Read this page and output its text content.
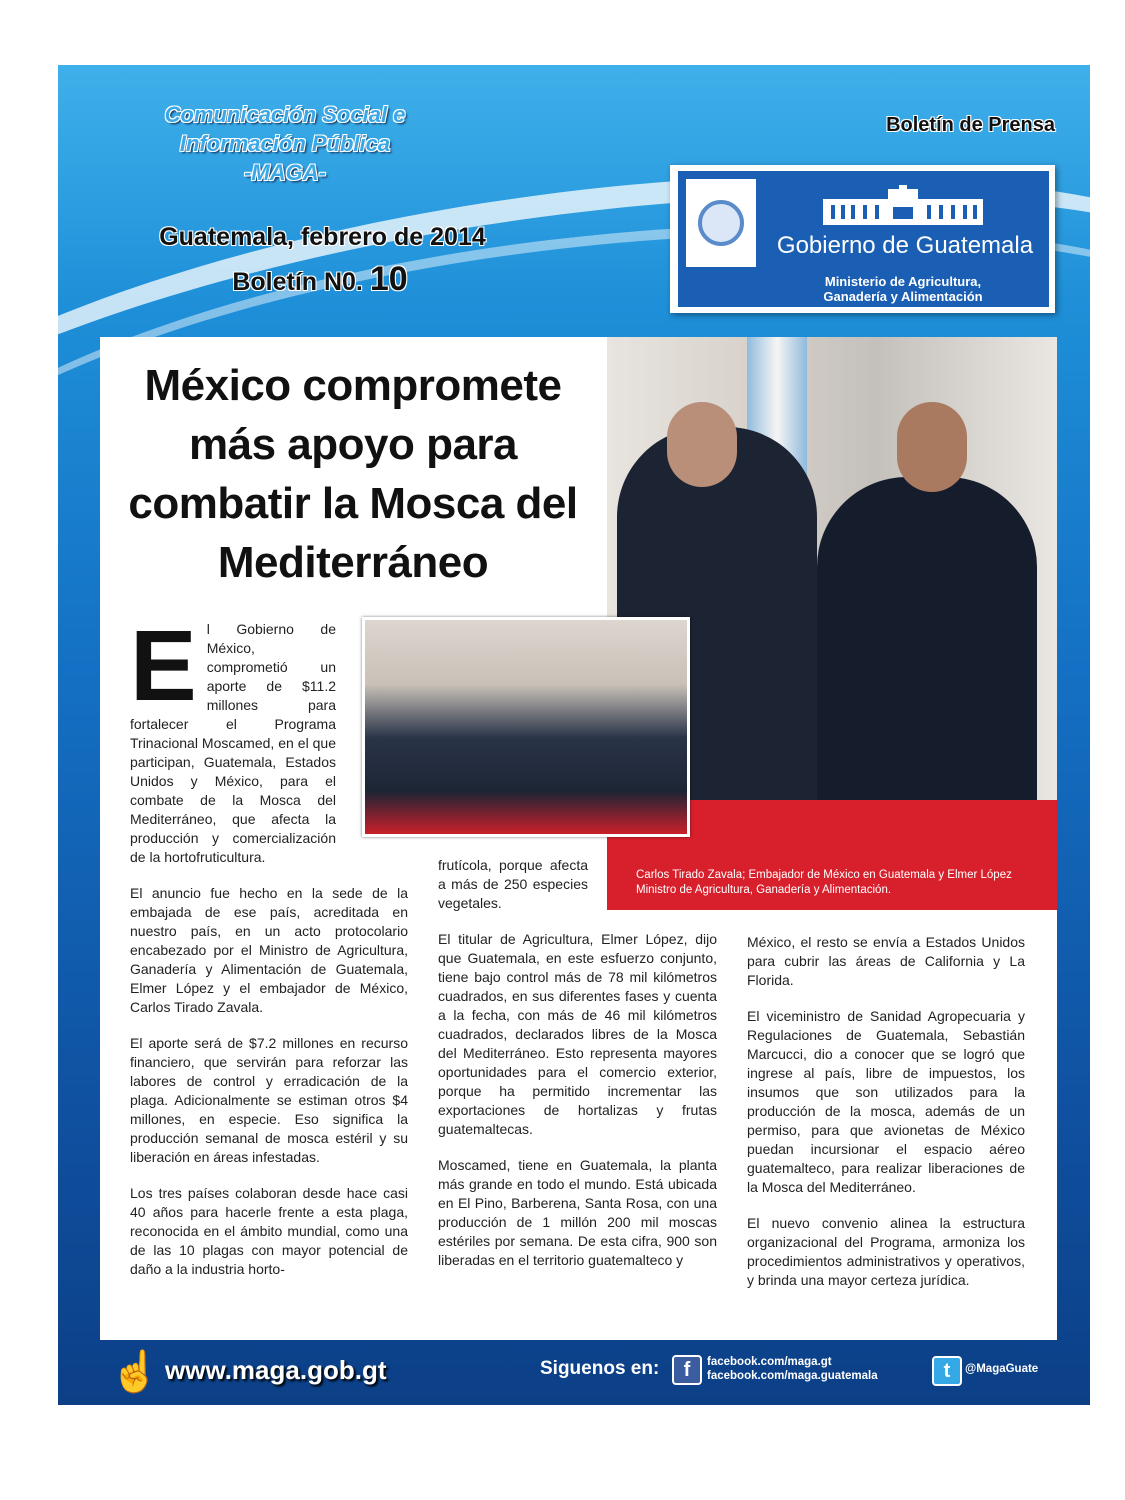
Comunicación Social e
Información Pública
-MAGA-
Guatemala, febrero de 2014
Boletín N0. 10
Boletín de Prensa
Gobierno de Guatemala
Ministerio de Agricultura,
Ganadería y Alimentación
Carlos Tirado Zavala; Embajador de México en Guatemala y Elmer López Ministro de Agricultura, Ganadería y Alimentación.
México compromete más apoyo para combatir la Mosca del Mediterráneo

El Gobierno de México, comprometió un aporte de $11.2 millones para fortalecer el Programa Trinacional Moscamed, en el que participan, Guatemala, Estados Unidos y México, para el combate de la Mosca del Mediterráneo, que afecta la producción y comercialización de la hortofruticultura.

El anuncio fue hecho en la sede de la embajada de ese país, acreditada en nuestro país, en un acto protocolario encabezado por el Ministro de Agricultura, Ganadería y Alimentación de Guatemala, Elmer López y el embajador de México, Carlos Tirado Zavala.

El aporte será de $7.2 millones en recurso financiero, que servirán para reforzar las labores de control y erradicación de la plaga. Adicionalmente se estiman otros $4 millones, en especie. Eso significa la producción semanal de mosca estéril y su liberación en áreas infestadas.

Los tres países colaboran desde hace casi 40 años para hacerle frente a esta plaga, reconocida en el ámbito mundial, como una de las 10 plagas con mayor potencial de daño a la industria horto-

frutícola, porque afecta a más de 250 especies vegetales.

El titular de Agricultura, Elmer López, dijo que Guatemala, en este esfuerzo conjunto, tiene bajo control más de 78 mil kilómetros cuadrados, en sus diferentes fases y cuenta a la fecha, con más de 46 mil kilómetros cuadrados, declarados libres de la Mosca del Mediterráneo. Esto representa mayores oportunidades para el comercio exterior, porque ha permitido incrementar las exportaciones de hortalizas y frutas guatemaltecas.

Moscamed, tiene en Guatemala, la planta más grande en todo el mundo. Está ubicada en El Pino, Barberena, Santa Rosa, con una producción de 1 millón 200 mil moscas estériles por semana. De esta cifra, 900 son liberadas en el territorio guatemalteco y

México, el resto se envía a Estados Unidos para cubrir las áreas de California y La Florida.

El viceministro de Sanidad Agropecuaria y Regulaciones de Guatemala, Sebastián Marcucci, dio a conocer que se logró que ingrese al país, libre de impuestos, los insumos que son utilizados para la producción de la mosca, además de un permiso, para que avionetas de México puedan incursionar el espacio aéreo guatemalteco, para realizar liberaciones de la Mosca del Mediterráneo.

El nuevo convenio alinea la estructura organizacional del Programa, armoniza los procedimientos administrativos y operativos, y brinda una mayor certeza jurídica.

☝ www.maga.gob.gt	Siguenos en:	f	facebook.com/maga.gt
facebook.com/maga.guatemala	t	@MagaGuate
